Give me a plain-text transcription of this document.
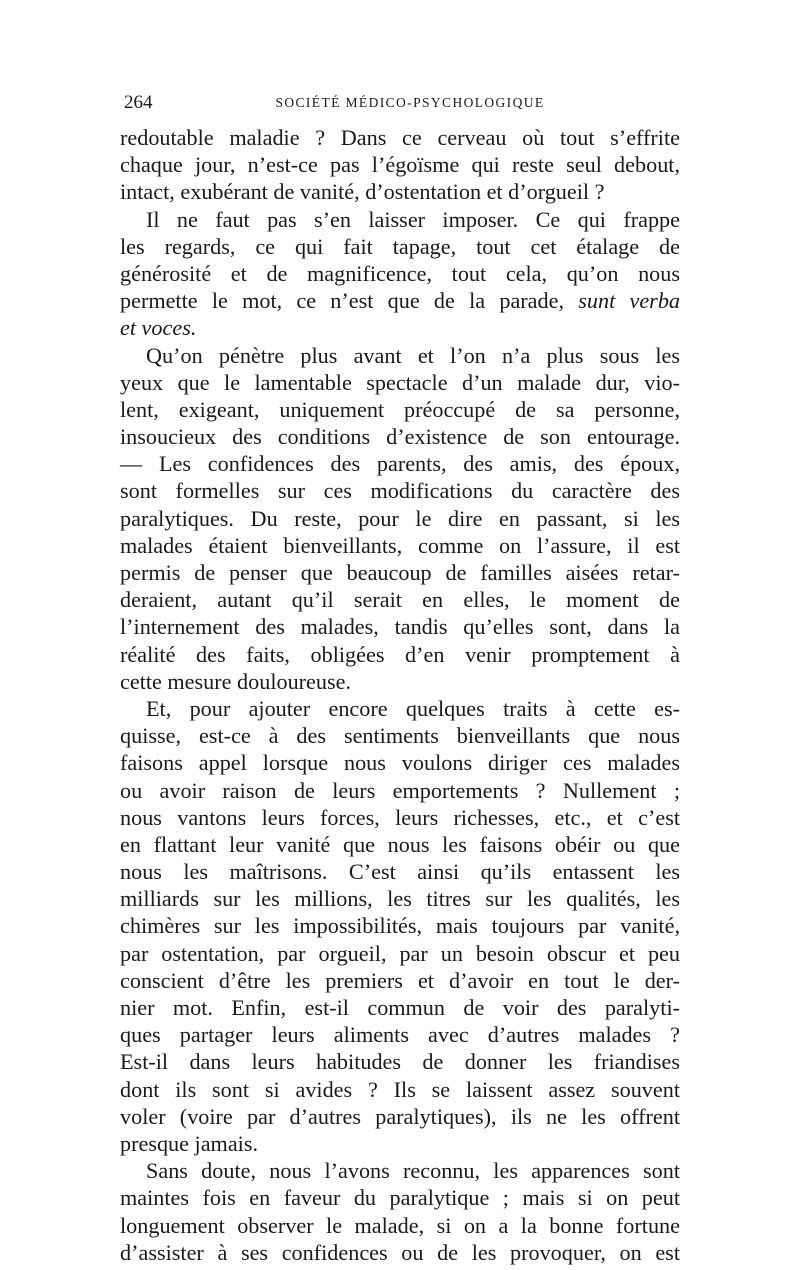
264	SOCIÉTÉ MÉDICO-PSYCHOLOGIQUE
redoutable maladie ? Dans ce cerveau où tout s’effrite
chaque jour, n’est-ce pas l’égoïsme qui reste seul debout,
intact, exubérant de vanité, d’ostentation et d’orgueil ?
Il ne faut pas s’en laisser imposer. Ce qui frappe
les regards, ce qui fait tapage, tout cet étalage de
générosité et de magnificence, tout cela, qu’on nous
permette le mot, ce n’est que de la parade, sunt verba
et voces.
Qu’on pénètre plus avant et l’on n’a plus sous les
yeux que le lamentable spectacle d’un malade dur, vio-
lent, exigeant, uniquement préoccupé de sa personne,
insoucieux des conditions d’existence de son entourage.
— Les confidences des parents, des amis, des époux,
sont formelles sur ces modifications du caractère des
paralytiques. Du reste, pour le dire en passant, si les
malades étaient bienveillants, comme on l’assure, il est
permis de penser que beaucoup de familles aisées retar-
deraient, autant qu’il serait en elles, le moment de
l’internement des malades, tandis qu’elles sont, dans la
réalité des faits, obligées d’en venir promptement à
cette mesure douloureuse.
Et, pour ajouter encore quelques traits à cette es-
quisse, est-ce à des sentiments bienveillants que nous
faisons appel lorsque nous voulons diriger ces malades
ou avoir raison de leurs emportements ? Nullement ;
nous vantons leurs forces, leurs richesses, etc., et c’est
en flattant leur vanité que nous les faisons obéir ou que
nous les maîtrisons. C’est ainsi qu’ils entassent les
milliards sur les millions, les titres sur les qualités, les
chimères sur les impossibilités, mais toujours par vanité,
par ostentation, par orgueil, par un besoin obscur et peu
conscient d’être les premiers et d’avoir en tout le der-
nier mot. Enfin, est-il commun de voir des paralyti-
ques partager leurs aliments avec d’autres malades ?
Est-il dans leurs habitudes de donner les friandises
dont ils sont si avides ? Ils se laissent assez souvent
voler (voire par d’autres paralytiques), ils ne les offrent
presque jamais.
Sans doute, nous l’avons reconnu, les apparences sont
maintes fois en faveur du paralytique ; mais si on peut
longuement observer le malade, si on a la bonne fortune
d’assister à ses confidences ou de les provoquer, on est
